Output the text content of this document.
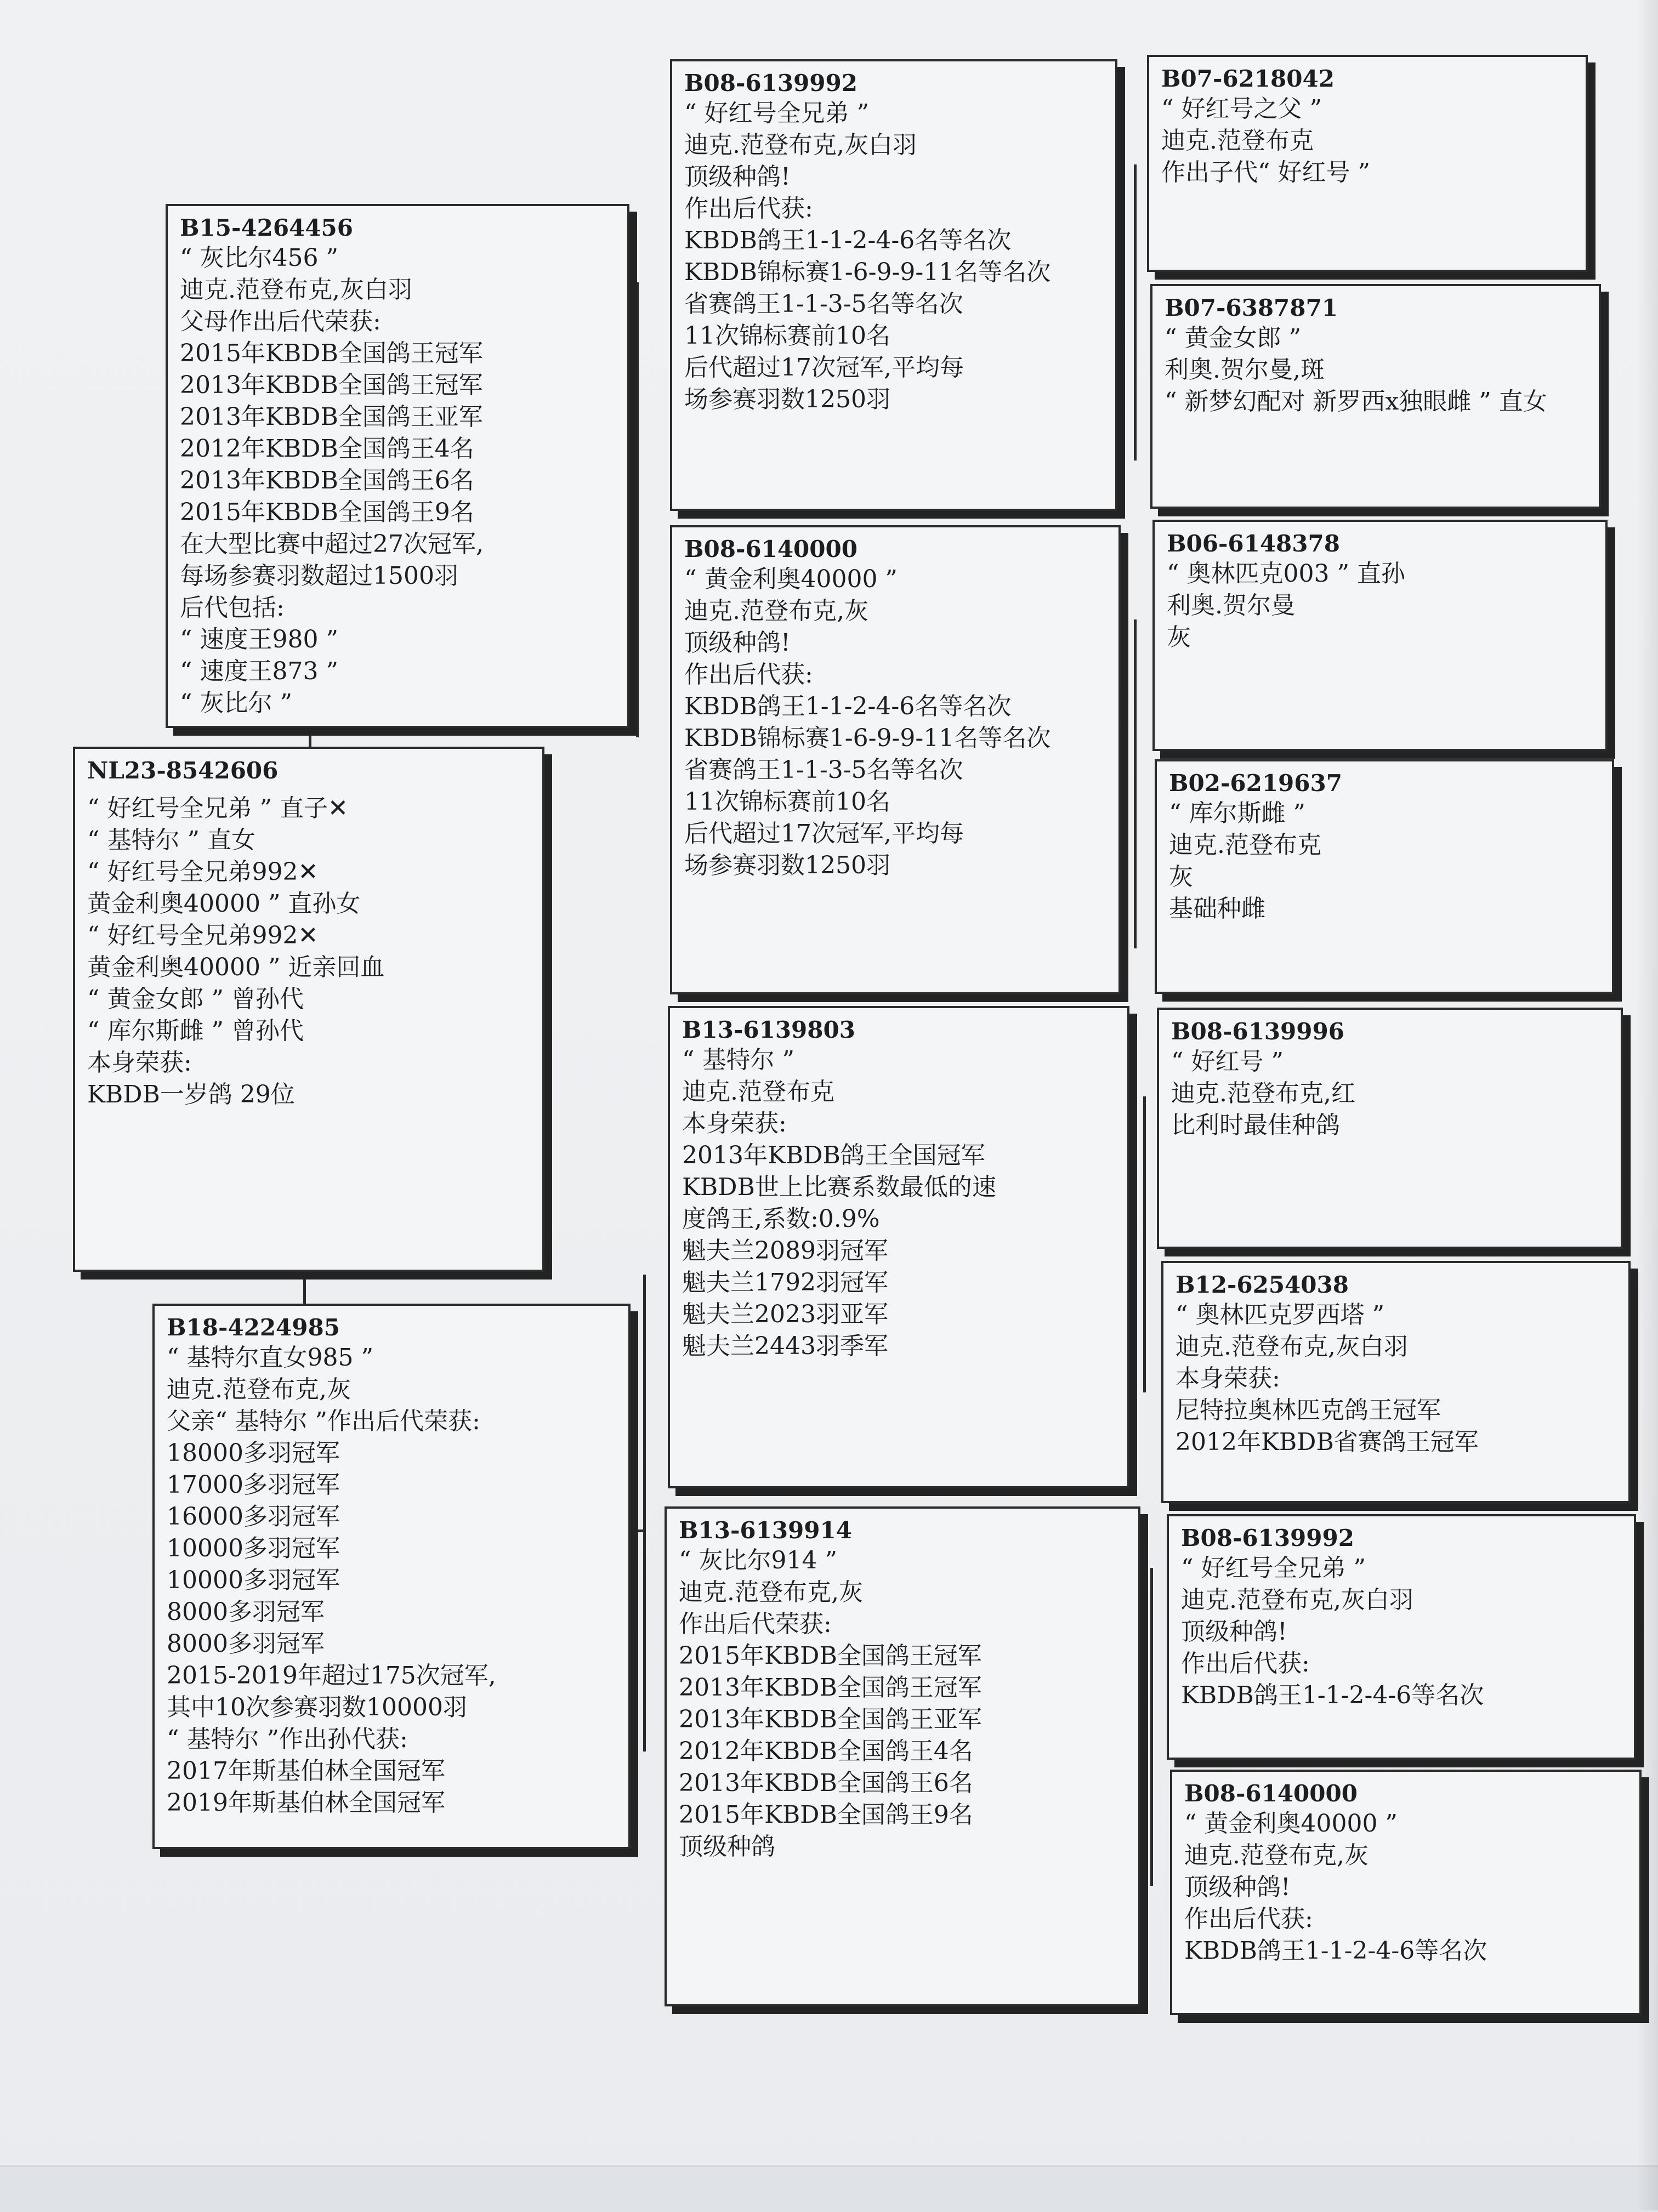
NL23-8542606
“ 好红号全兄弟 ” 直子✕
“ 基特尔 ” 直女
“ 好红号全兄弟992✕
黄金利奥40000 ” 直孙女
“ 好红号全兄弟992✕
黄金利奥40000 ” 近亲回血
“ 黄金女郎 ” 曾孙代
“ 库尔斯雌 ” 曾孙代
本身荣获:
KBDB一岁鸽 29位
B15-4264456
“ 灰比尔456 ”
迪克.范登布克,灰白羽
父母作出后代荣获:
2015年KBDB全国鸽王冠军
2013年KBDB全国鸽王冠军
2013年KBDB全国鸽王亚军
2012年KBDB全国鸽王4名
2013年KBDB全国鸽王6名
2015年KBDB全国鸽王9名
在大型比赛中超过27次冠军,
每场参赛羽数超过1500羽
后代包括:
“ 速度王980 ”
“ 速度王873 ”
“ 灰比尔 ”
B18-4224985
“ 基特尔直女985 ”
迪克.范登布克,灰
父亲“ 基特尔 ”作出后代荣获:
18000多羽冠军
17000多羽冠军
16000多羽冠军
10000多羽冠军
10000多羽冠军
8000多羽冠军
8000多羽冠军
2015-2019年超过175次冠军,
其中10次参赛羽数10000羽
“ 基特尔 ”作出孙代获:
2017年斯基伯林全国冠军
2019年斯基伯林全国冠军
B08-6139992
“ 好红号全兄弟 ”
迪克.范登布克,灰白羽
顶级种鸽!
作出后代获:
KBDB鸽王1-1-2-4-6名等名次
KBDB锦标赛1-6-9-9-11名等名次
省赛鸽王1-1-3-5名等名次
11次锦标赛前10名
后代超过17次冠军,平均每
场参赛羽数1250羽
B08-6140000
“ 黄金利奥40000 ”
迪克.范登布克,灰
顶级种鸽!
作出后代获:
KBDB鸽王1-1-2-4-6名等名次
KBDB锦标赛1-6-9-9-11名等名次
省赛鸽王1-1-3-5名等名次
11次锦标赛前10名
后代超过17次冠军,平均每
场参赛羽数1250羽
B13-6139803
“ 基特尔 ”
迪克.范登布克
本身荣获:
2013年KBDB鸽王全国冠军
KBDB世上比赛系数最低的速
度鸽王,系数:0.9%
魁夫兰2089羽冠军
魁夫兰1792羽冠军
魁夫兰2023羽亚军
魁夫兰2443羽季军
B13-6139914
“ 灰比尔914 ”
迪克.范登布克,灰
作出后代荣获:
2015年KBDB全国鸽王冠军
2013年KBDB全国鸽王冠军
2013年KBDB全国鸽王亚军
2012年KBDB全国鸽王4名
2013年KBDB全国鸽王6名
2015年KBDB全国鸽王9名
顶级种鸽
B07-6218042
“ 好红号之父 ”
迪克.范登布克
作出子代“ 好红号 ”
B07-6387871
“ 黄金女郎 ”
利奥.贺尔曼,斑
“ 新梦幻配对 新罗西x独眼雌 ” 直女
B06-6148378
“ 奥林匹克003 ” 直孙
利奥.贺尔曼
灰
B02-6219637
“ 库尔斯雌 ”
迪克.范登布克
灰
基础种雌
B08-6139996
“ 好红号 ”
迪克.范登布克,红
比利时最佳种鸽
B12-6254038
“ 奥林匹克罗西塔 ”
迪克.范登布克,灰白羽
本身荣获:
尼特拉奥林匹克鸽王冠军
2012年KBDB省赛鸽王冠军
B08-6139992
“ 好红号全兄弟 ”
迪克.范登布克,灰白羽
顶级种鸽!
作出后代获:
KBDB鸽王1-1-2-4-6等名次
B08-6140000
“ 黄金利奥40000 ”
迪克.范登布克,灰
顶级种鸽!
作出后代获:
KBDB鸽王1-1-2-4-6等名次
